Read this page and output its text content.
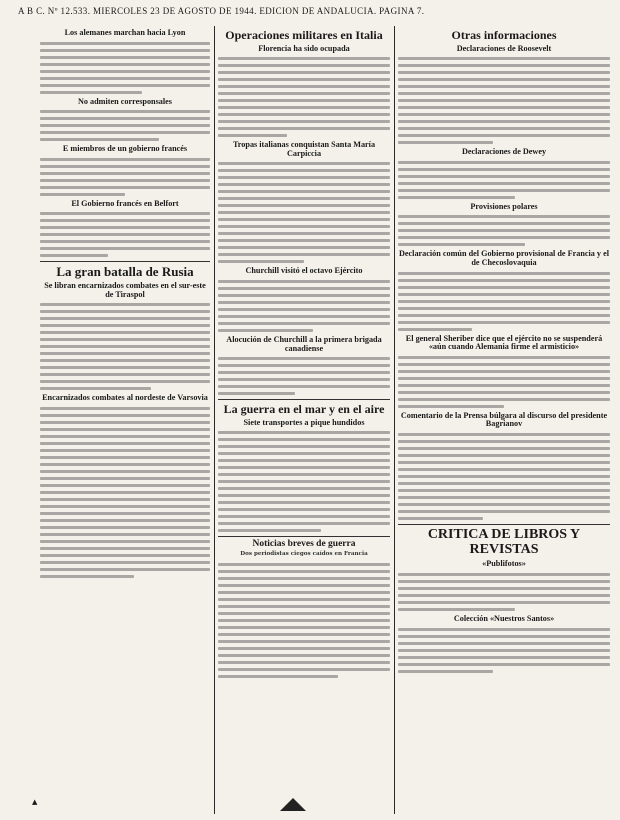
A B C. Nº 12.533. MIERCOLES 23 DE AGOSTO DE 1944. EDICION DE ANDALUCIA. PAGINA 7.
Los alemanes marchan hacia Lyon
No admiten corresponsales
E miembros de un gobierno francés
El Gobierno francés en Belfort
La gran batalla de Rusia
Se libran encarnizados combates en el sur-este de Tiraspol
Encarnizados combates al nordeste de Varsovia
Operaciones militares en Italia
Florencia ha sido ocupada
Tropas italianas conquistan Santa María Carpiccia
Churchill visitó el octavo Ejército
Alocución de Churchill a la primera brigada canadiense
La guerra en el mar y en el aire
Siete transportes a pique hundidos
Noticias breves de guerra
Dos periodistas ciegos caídos en Francia
Otras informaciones
Declaraciones de Roosevelt
Declaraciones de Dewey
Provisiones polares
Declaración común del Gobierno provisional de Francia y el de Checoslovaquia
El general Sheriber dice que el ejército no se suspenderá «aún cuando Alemania firme el armisticio»
Comentario de la Prensa búlgara al discurso del presidente Bagrianov
CRITICA DE LIBROS Y REVISTAS
«Publifotos»
Colección «Nuestros Santos»
▲
